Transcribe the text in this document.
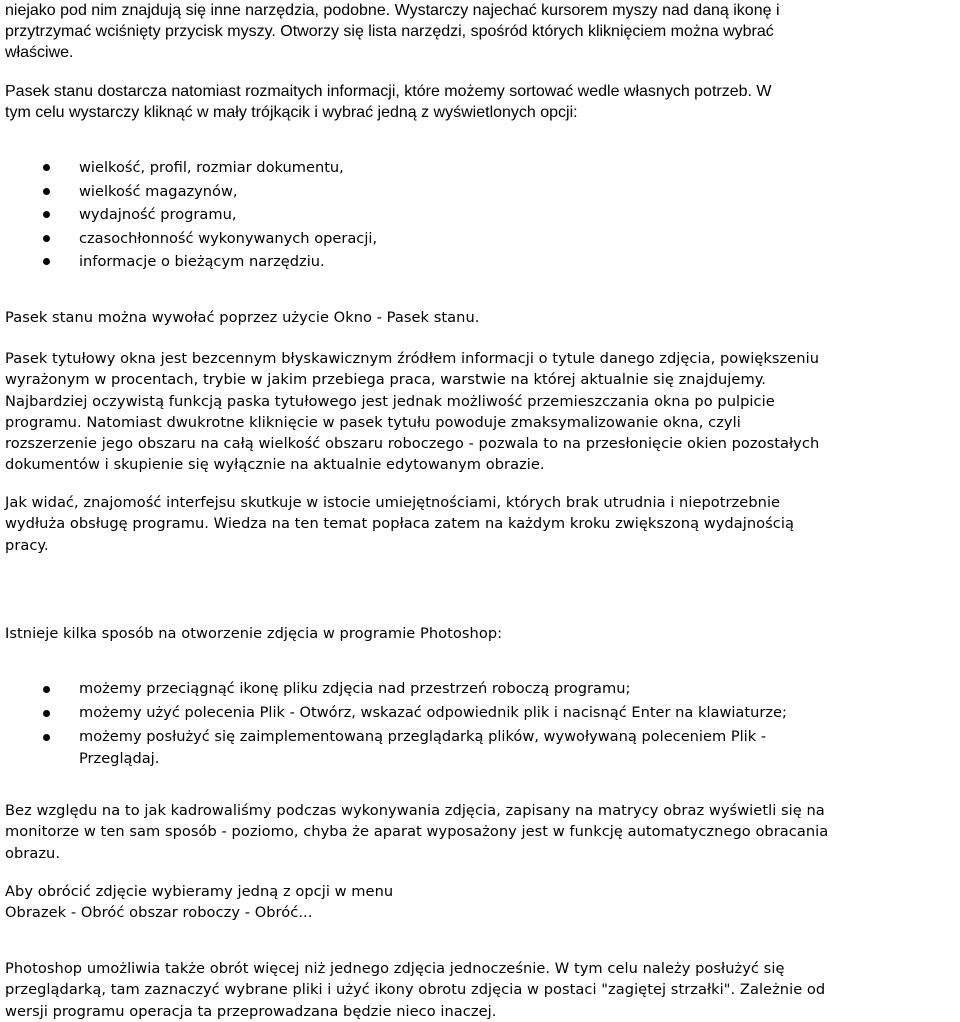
niejako pod nim znajdują się inne narzędzia, podobne. Wystarczy najechać kursorem myszy nad daną ikonę i
przytrzymać wciśnięty przycisk myszy. Otworzy się lista narzędzi, spośród których kliknięciem można wybrać
właściwe.
Pasek stanu dostarcza natomiast rozmaitych informacji, które możemy sortować wedle własnych potrzeb. W
tym celu wystarczy kliknąć w mały trójkącik i wybrać jedną z wyświetlonych opcji:
wielkość, profil, rozmiar dokumentu,
wielkość magazynów,
wydajność programu,
czasochłonność wykonywanych operacji,
informacje o bieżącym narzędziu.
Pasek stanu można wywołać poprzez użycie Okno - Pasek stanu.
Pasek tytułowy okna jest bezcennym błyskawicznym źródłem informacji o tytule danego zdjęcia, powiększeniu
wyrażonym w procentach, trybie w jakim przebiega praca, warstwie na której aktualnie się znajdujemy.
Najbardziej oczywistą funkcją paska tytułowego jest jednak możliwość przemieszczania okna po pulpicie
programu. Natomiast dwukrotne kliknięcie w pasek tytułu powoduje zmaksymalizowanie okna, czyli
rozszerzenie jego obszaru na całą wielkość obszaru roboczego - pozwala to na przesłonięcie okien pozostałych
dokumentów i skupienie się wyłącznie na aktualnie edytowanym obrazie.
Jak widać, znajomość interfejsu skutkuje w istocie umiejętnościami, których brak utrudnia i niepotrzebnie
wydłuża obsługę programu. Wiedza na ten temat popłaca zatem na każdym kroku zwiększoną wydajnością
pracy.
Istnieje kilka sposób na otworzenie zdjęcia w programie Photoshop:
możemy przeciągnąć ikonę pliku zdjęcia nad przestrzeń roboczą programu;
możemy użyć polecenia Plik - Otwórz, wskazać odpowiednik plik i nacisnąć Enter na klawiaturze;
możemy posłużyć się zaimplementowaną przeglądarką plików, wywoływaną poleceniem Plik -
Przeglądaj.
Bez względu na to jak kadrowaliśmy podczas wykonywania zdjęcia, zapisany na matrycy obraz wyświetli się na
monitorze w ten sam sposób - poziomo, chyba że aparat wyposażony jest w funkcję automatycznego obracania
obrazu.
Aby obrócić zdjęcie wybieramy jedną z opcji w menu
Obrazek - Obróć obszar roboczy - Obróć...
Photoshop umożliwia także obrót więcej niż jednego zdjęcia jednocześnie. W tym celu należy posłużyć się
przeglądarką, tam zaznaczyć wybrane pliki i użyć ikony obrotu zdjęcia w postaci "zagiętej strzałki". Zależnie od
wersji programu operacja ta przeprowadzana będzie nieco inaczej.
